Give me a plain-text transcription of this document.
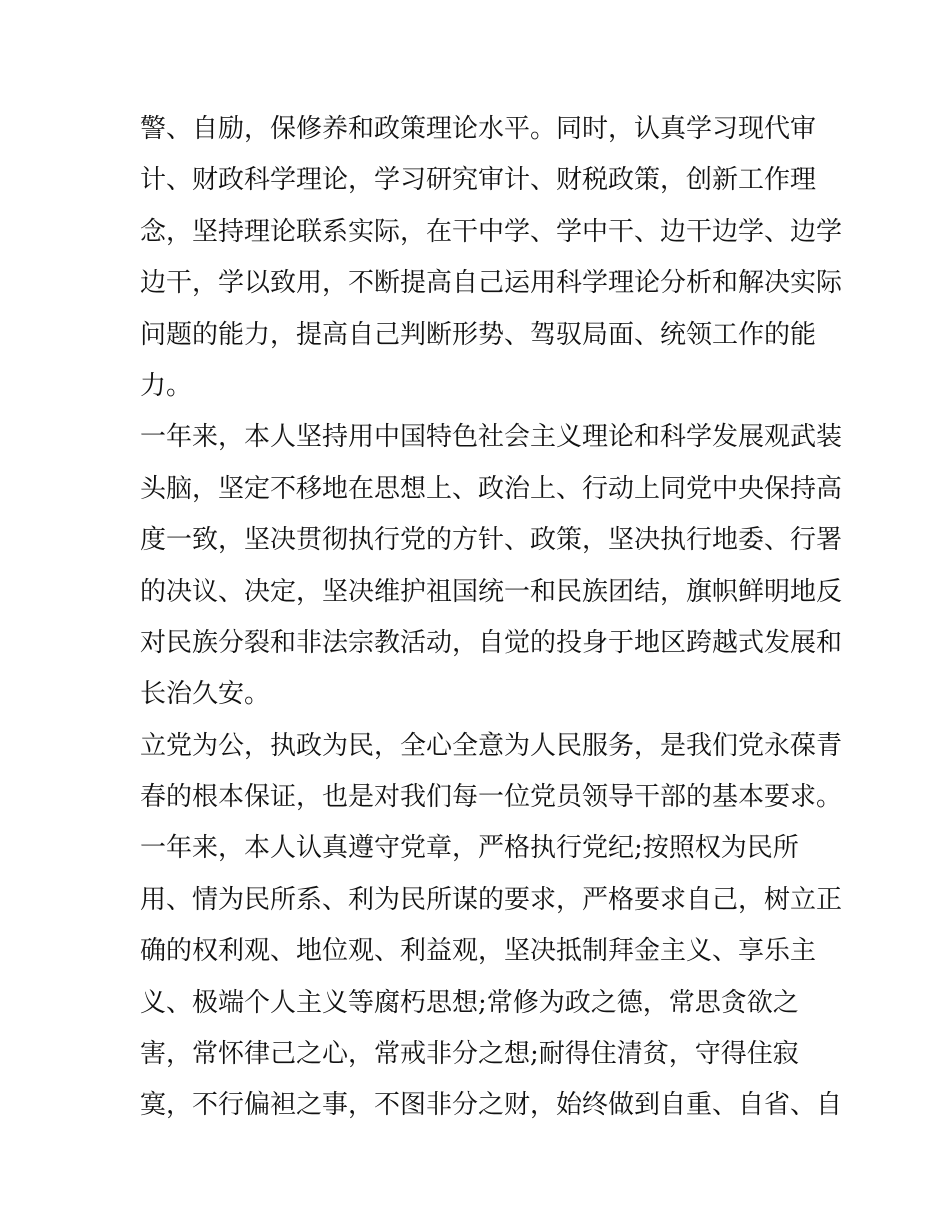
警、自励，保修养和政策理论水平。同时，认真学习现代审
计、财政科学理论，学习研究审计、财税政策，创新工作理
念，坚持理论联系实际，在干中学、学中干、边干边学、边学
边干，学以致用，不断提高自己运用科学理论分析和解决实际
问题的能力，提高自己判断形势、驾驭局面、统领工作的能
力。
一年来，本人坚持用中国特色社会主义理论和科学发展观武装
头脑，坚定不移地在思想上、政治上、行动上同党中央保持高
度一致，坚决贯彻执行党的方针、政策，坚决执行地委、行署
的决议、决定，坚决维护祖国统一和民族团结，旗帜鲜明地反
对民族分裂和非法宗教活动，自觉的投身于地区跨越式发展和
长治久安。
立党为公，执政为民，全心全意为人民服务，是我们党永葆青
春的根本保证，也是对我们每一位党员领导干部的基本要求。
一年来，本人认真遵守党章，严格执行党纪;按照权为民所
用、情为民所系、利为民所谋的要求，严格要求自己，树立正
确的权利观、地位观、利益观，坚决抵制拜金主义、享乐主
义、极端个人主义等腐朽思想;常修为政之德，常思贪欲之
害，常怀律己之心，常戒非分之想;耐得住清贫，守得住寂
寞，不行偏袒之事，不图非分之财，始终做到自重、自省、自
